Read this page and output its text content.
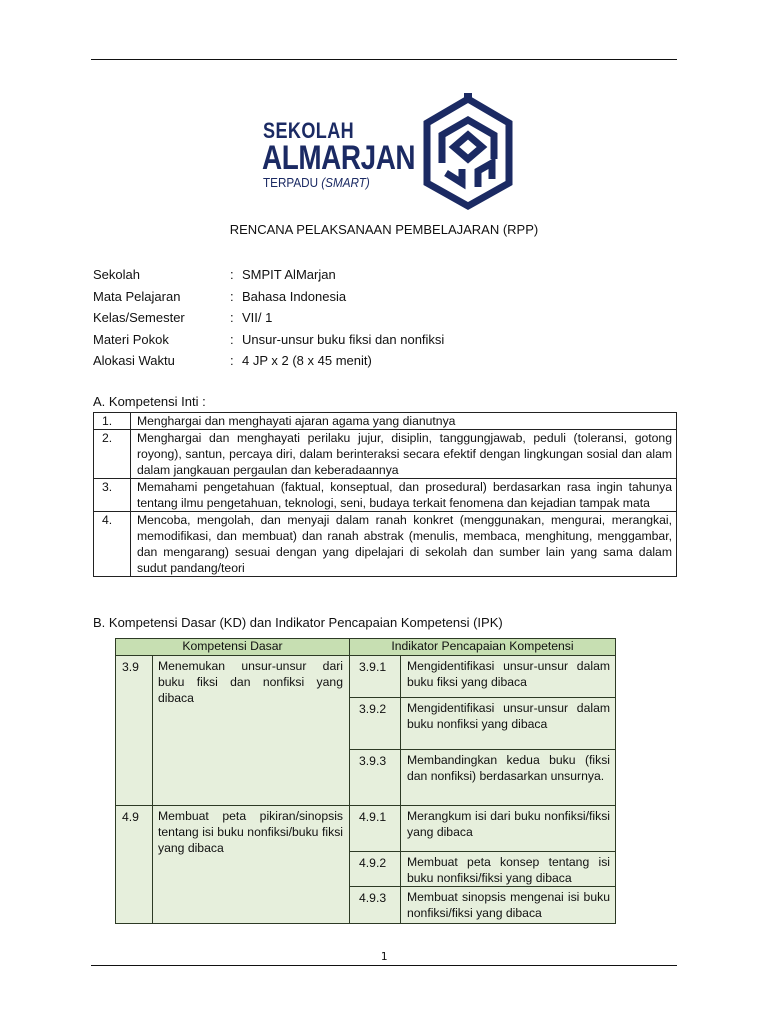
SEKOLAH
ALMARJAN
TERPADU (SMART)
RENCANA PELAKSANAAN PEMBELAJARAN (RPP)
Sekolah	: SMPIT AlMarjan
Mata Pelajaran	: Bahasa Indonesia
Kelas/Semester	: VII/ 1
Materi Pokok	: Unsur-unsur buku fiksi dan nonfiksi
Alokasi Waktu	: 4 JP x 2 (8 x 45 menit)
A. Kompetensi Inti :
1.	Menghargai dan menghayati ajaran agama yang dianutnya
2.	Menghargai dan menghayati perilaku jujur, disiplin, tanggungjawab, peduli (toleransi, gotong royong), santun, percaya diri, dalam berinteraksi secara efektif dengan lingkungan sosial dan alam dalam jangkauan pergaulan dan keberadaannya
3.	Memahami pengetahuan (faktual, konseptual, dan prosedural) berdasarkan rasa ingin tahunya tentang ilmu pengetahuan, teknologi, seni, budaya terkait fenomena dan kejadian tampak mata
4.	Mencoba, mengolah, dan menyaji dalam ranah konkret (menggunakan, mengurai, merangkai, memodifikasi, dan membuat) dan ranah abstrak (menulis, membaca, menghitung, menggambar, dan mengarang) sesuai dengan yang dipelajari di sekolah dan sumber lain yang sama dalam sudut pandang/teori
B. Kompetensi Dasar (KD) dan Indikator Pencapaian Kompetensi (IPK)
Kompetensi Dasar		Indikator Pencapaian Kompetensi	
3.9	Menemukan unsur-unsur dari buku fiksi dan nonfiksi yang dibaca	3.9.1	Mengidentifikasi unsur-unsur dalam buku fiksi yang dibaca
		3.9.2	Mengidentifikasi unsur-unsur dalam buku nonfiksi yang dibaca
		3.9.3	Membandingkan kedua buku (fiksi dan nonfiksi) berdasarkan unsurnya.
4.9	Membuat peta pikiran/sinopsis tentang isi buku nonfiksi/buku fiksi yang dibaca	4.9.1	Merangkum isi dari buku nonfiksi/fiksi yang dibaca
		4.9.2	Membuat peta konsep tentang isi buku nonfiksi/fiksi yang dibaca
		4.9.3	Membuat sinopsis mengenai isi buku nonfiksi/fiksi yang dibaca
1
